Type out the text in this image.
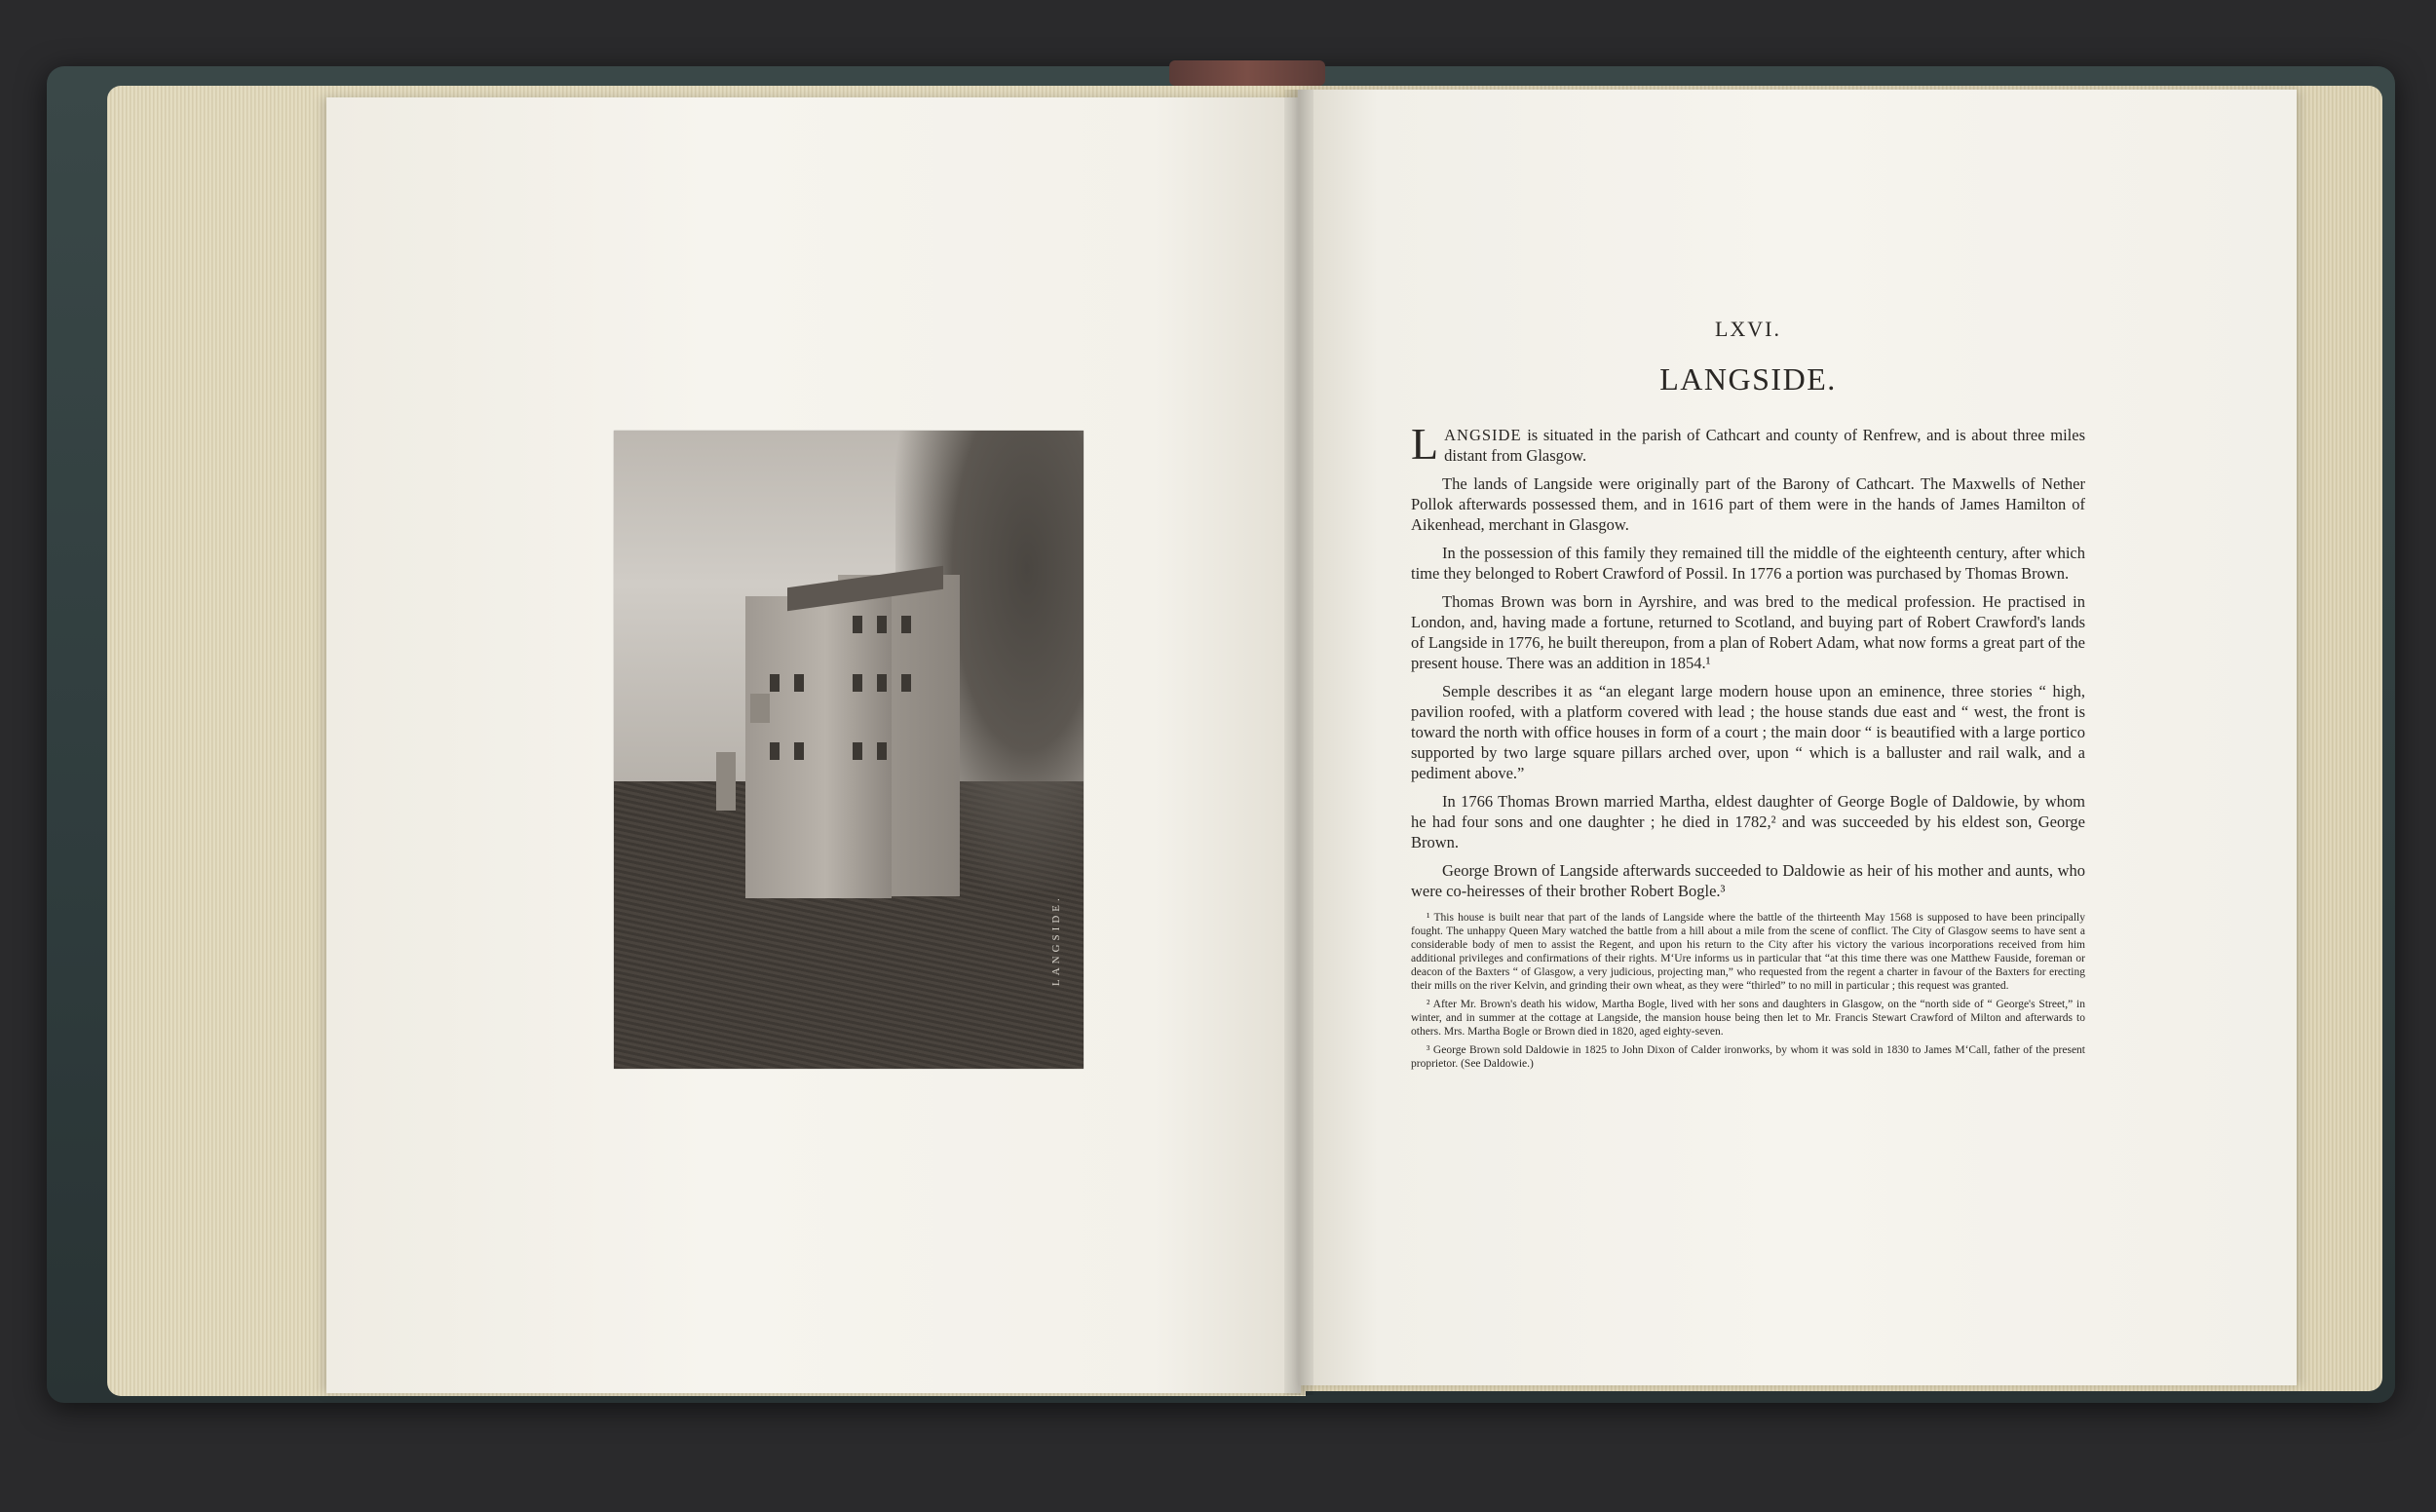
LANGSIDE.
LXVI.
LANGSIDE.

LANGSIDE is situated in the parish of Cathcart and county of Renfrew, and is about three miles distant from Glasgow.

The lands of Langside were originally part of the Barony of Cathcart. The Maxwells of Nether Pollok afterwards possessed them, and in 1616 part of them were in the hands of James Hamilton of Aikenhead, merchant in Glasgow.

In the possession of this family they remained till the middle of the eighteenth century, after which time they belonged to Robert Crawford of Possil. In 1776 a portion was purchased by Thomas Brown.

Thomas Brown was born in Ayrshire, and was bred to the medical profession. He practised in London, and, having made a fortune, returned to Scotland, and buying part of Robert Crawford's lands of Langside in 1776, he built thereupon, from a plan of Robert Adam, what now forms a great part of the present house. There was an addition in 1854.¹

Semple describes it as “an elegant large modern house upon an eminence, three stories “ high, pavilion roofed, with a platform covered with lead ; the house stands due east and “ west, the front is toward the north with office houses in form of a court ; the main door “ is beautified with a large portico supported by two large square pillars arched over, upon “ which is a balluster and rail walk, and a pediment above.”

In 1766 Thomas Brown married Martha, eldest daughter of George Bogle of Daldowie, by whom he had four sons and one daughter ; he died in 1782,² and was succeeded by his eldest son, George Brown.

George Brown of Langside afterwards succeeded to Daldowie as heir of his mother and aunts, who were co-heiresses of their brother Robert Bogle.³

¹ This house is built near that part of the lands of Langside where the battle of the thirteenth May 1568 is supposed to have been principally fought. The unhappy Queen Mary watched the battle from a hill about a mile from the scene of conflict. The City of Glasgow seems to have sent a considerable body of men to assist the Regent, and upon his return to the City after his victory the various incorporations received from him additional privileges and confirmations of their rights. M‘Ure informs us in particular that “at this time there was one Matthew Fauside, foreman or deacon of the Baxters “ of Glasgow, a very judicious, projecting man,” who requested from the regent a charter in favour of the Baxters for erecting their mills on the river Kelvin, and grinding their own wheat, as they were “thirled” to no mill in particular ; this request was granted.

² After Mr. Brown's death his widow, Martha Bogle, lived with her sons and daughters in Glasgow, on the “north side of “ George's Street,” in winter, and in summer at the cottage at Langside, the mansion house being then let to Mr. Francis Stewart Crawford of Milton and afterwards to others. Mrs. Martha Bogle or Brown died in 1820, aged eighty-seven.

³ George Brown sold Daldowie in 1825 to John Dixon of Calder ironworks, by whom it was sold in 1830 to James M‘Call, father of the present proprietor. (See Daldowie.)
